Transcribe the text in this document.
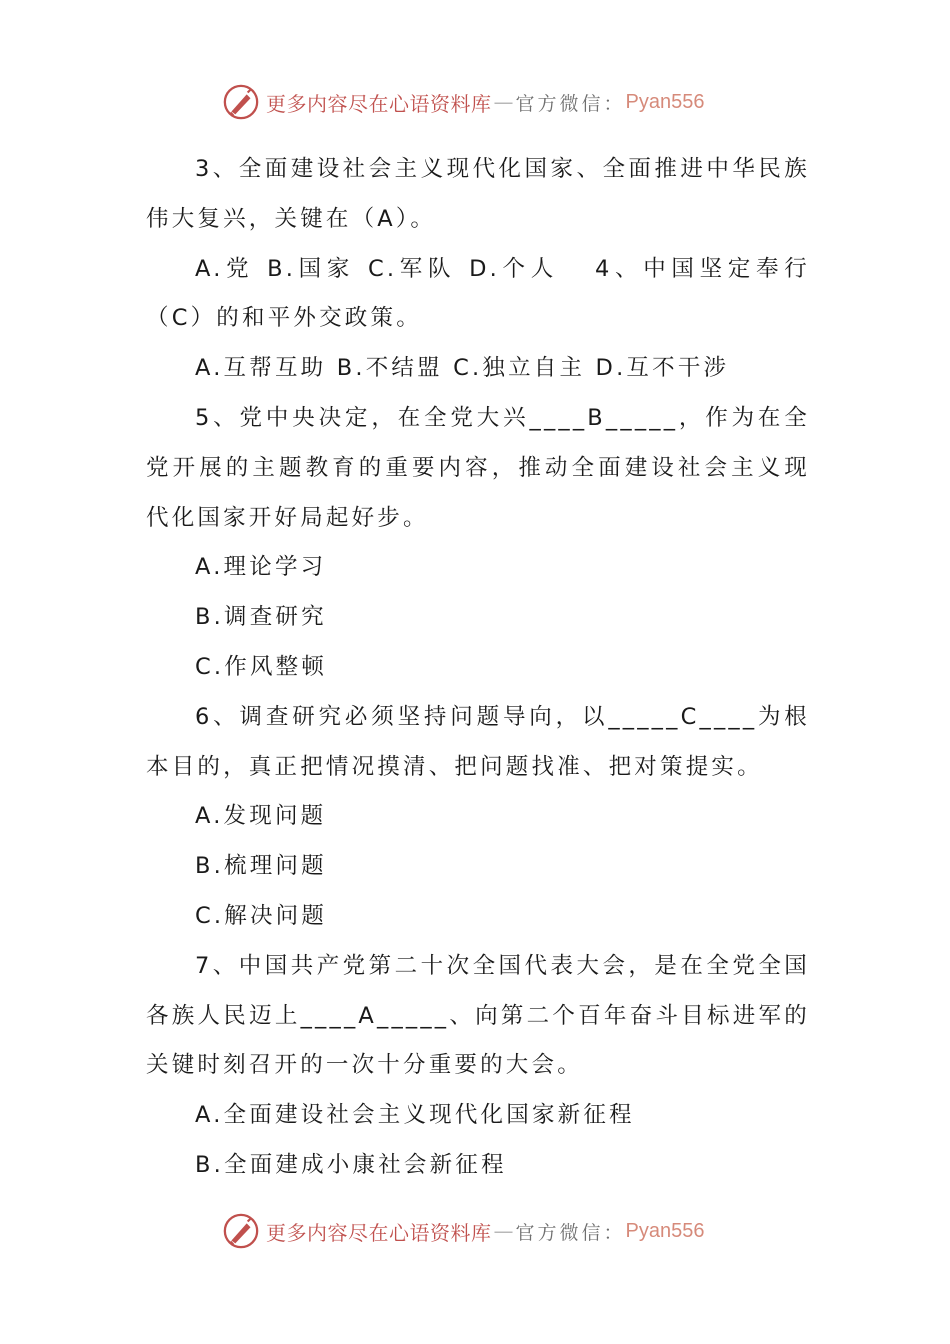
更多内容尽在心语资料库 — 官方微信： Pyan556

3、全面建设社会主义现代化国家、全面推进中华民族伟大复兴，关键在（A）。

A.党 B.国家 C.军队 D.个人 4、中国坚定奉行（C）的和平外交政策。

A.互帮互助 B.不结盟 C.独立自主 D.互不干涉

5、党中央决定，在全党大兴____B_____，作为在全党开展的主题教育的重要内容，推动全面建设社会主义现代化国家开好局起好步。

A.理论学习

B.调查研究

C.作风整顿

6、调查研究必须坚持问题导向，以_____C____为根本目的，真正把情况摸清、把问题找准、把对策提实。

A.发现问题

B.梳理问题

C.解决问题

7、中国共产党第二十次全国代表大会，是在全党全国各族人民迈上____A_____、向第二个百年奋斗目标进军的关键时刻召开的一次十分重要的大会。

A.全面建设社会主义现代化国家新征程

B.全面建成小康社会新征程

更多内容尽在心语资料库 — 官方微信： Pyan556
